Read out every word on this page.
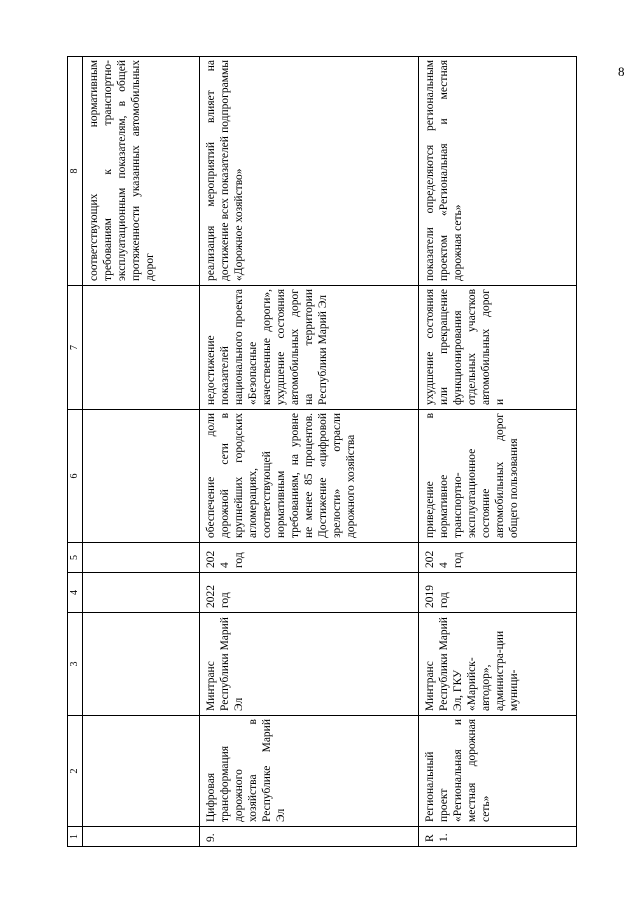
8
1	2	3	4	5	6	7	8
							соответствующих нормативным требованиям к транспортно-эксплуатационным показателям, в общей протяженности указанных автомобильных дорог
9.	Цифровая трансформация дорожного хозяйства в Республике Марий Эл	Минтранс Республики Марий Эл	2022 год	2024 год	обеспечение доли дорожной сети в крупнейших городских агломерациях, соответствующей нормативным требованиям, на уровне не менее 85 процентов. Достижение «цифровой зрелости» отрасли дорожного хозяйства	недостижение показателей национального проекта «Безопасные качественные дороги», ухудшение состояния автомобильных дорог на территории Республики Марий Эл	реализация мероприятий влияет на достижение всех показателей подпрограммы «Дорожное хозяйство»
R1.	Региональный проект «Региональная и местная дорожная сеть»	Минтранс Республики Марий Эл, ГКУ «Марийск-автодор», администра-ции муници-	2019 год	2024 год	приведение в нормативное транспортно-эксплуатационное состояние автомобильных дорог общего пользования	ухудшение состояния или прекращение функционирования отдельных участков автомобильных дорог и	показатели определяются региональным проектом «Региональная и местная дорожная сеть»
